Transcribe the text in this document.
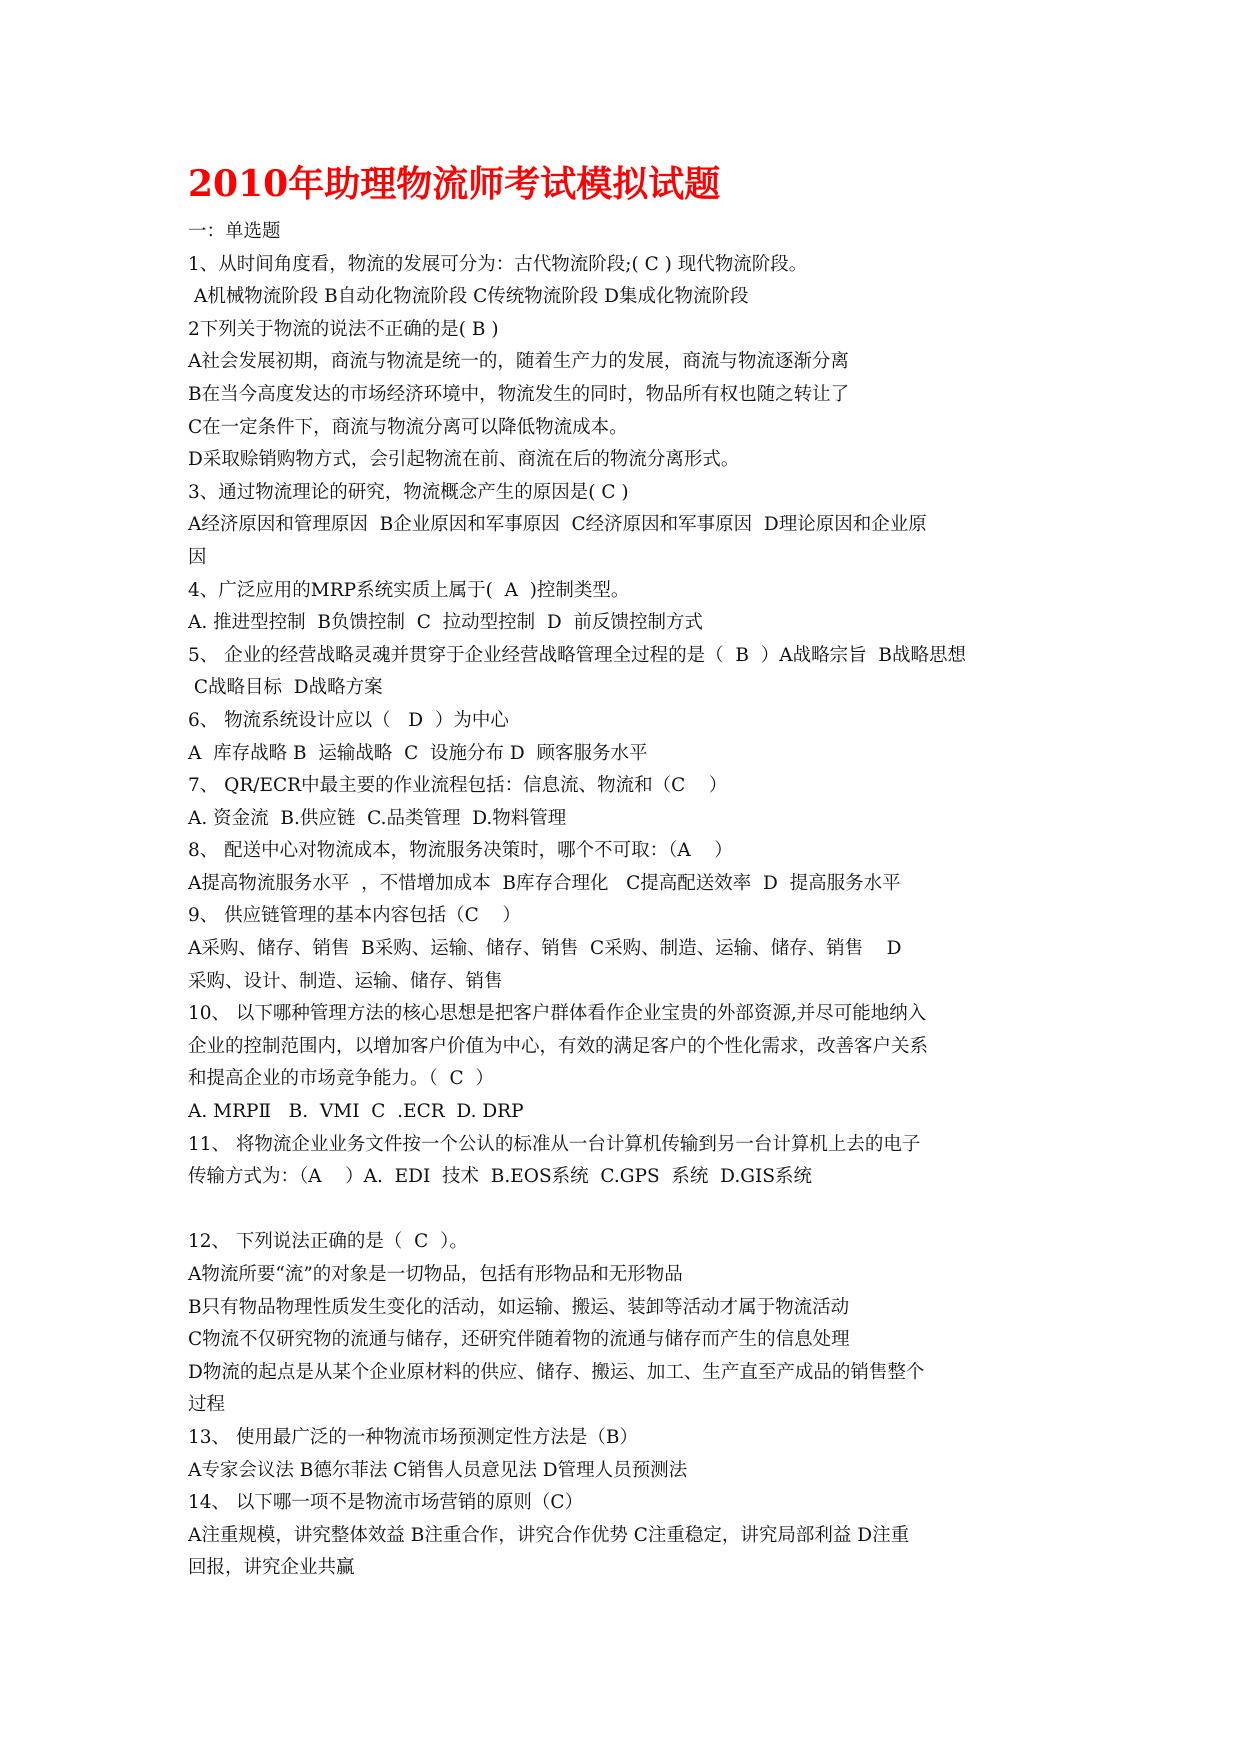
2010年助理物流师考试模拟试题
一：单选题
1、从时间角度看，物流的发展可分为：古代物流阶段;( C ) 现代物流阶段。
A机械物流阶段 B自动化物流阶段 C传统物流阶段 D集成化物流阶段
2下列关于物流的说法不正确的是( B )
A社会发展初期，商流与物流是统一的，随着生产力的发展，商流与物流逐渐分离
B在当今高度发达的市场经济环境中，物流发生的同时，物品所有权也随之转让了
C在一定条件下，商流与物流分离可以降低物流成本。
D采取赊销购物方式，会引起物流在前、商流在后的物流分离形式。
3、通过物流理论的研究，物流概念产生的原因是( C )
A经济原因和管理原因  B企业原因和军事原因  C经济原因和军事原因  D理论原因和企业原
因
4、广泛应用的MRP系统实质上属于(  A  )控制类型。
A. 推进型控制  B负馈控制  C  拉动型控制  D  前反馈控制方式
5、 企业的经营战略灵魂并贯穿于企业经营战略管理全过程的是（  B  ）A战略宗旨  B战略思想
C战略目标  D战略方案
6、 物流系统设计应以（   D  ）为中心
A  库存战略 B  运输战略  C  设施分布 D  顾客服务水平
7、 QR/ECR中最主要的作业流程包括：信息流、物流和（C    ）
A. 资金流  B.供应链  C.品类管理  D.物料管理
8、 配送中心对物流成本，物流服务决策时，哪个不可取：（A    ）
A提高物流服务水平  ，不惜增加成本  B库存合理化   C提高配送效率  D  提高服务水平
9、 供应链管理的基本内容包括（C    ）
A采购、储存、销售  B采购、运输、储存、销售  C采购、制造、运输、储存、销售    D
采购、设计、制造、运输、储存、销售
10、 以下哪种管理方法的核心思想是把客户群体看作企业宝贵的外部资源,并尽可能地纳入
企业的控制范围内，以增加客户价值为中心，有效的满足客户的个性化需求，改善客户关系
和提高企业的市场竞争能力。（  C  ）
A. MRPⅡ   B.  VMI  C  .ECR  D. DRP
11、 将物流企业业务文件按一个公认的标准从一台计算机传输到另一台计算机上去的电子
传输方式为：（A    ）A.  EDI  技术  B.EOS系统  C.GPS  系统  D.GIS系统
12、 下列说法正确的是（  C  ）。
A物流所要“流”的对象是一切物品，包括有形物品和无形物品
B只有物品物理性质发生变化的活动，如运输、搬运、装卸等活动才属于物流活动
C物流不仅研究物的流通与储存，还研究伴随着物的流通与储存而产生的信息处理
D物流的起点是从某个企业原材料的供应、储存、搬运、加工、生产直至产成品的销售整个
过程
13、 使用最广泛的一种物流市场预测定性方法是（B）
A专家会议法 B德尔菲法 C销售人员意见法 D管理人员预测法
14、 以下哪一项不是物流市场营销的原则（C）
A注重规模，讲究整体效益 B注重合作，讲究合作优势 C注重稳定，讲究局部利益 D注重
回报，讲究企业共赢
